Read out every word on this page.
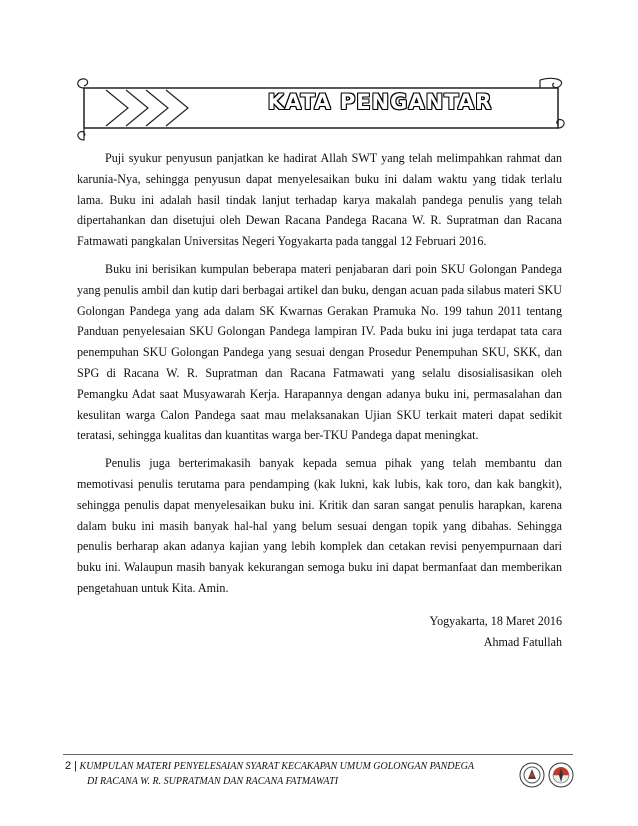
KATA PENGANTAR

Puji syukur penyusun panjatkan ke hadirat Allah SWT yang telah melimpahkan rahmat dan karunia-Nya, sehingga penyusun dapat menyelesaikan buku ini dalam waktu yang tidak terlalu lama. Buku ini adalah hasil tindak lanjut terhadap karya makalah pandega penulis yang telah dipertahankan dan disetujui oleh Dewan Racana Pandega Racana W. R. Supratman dan Racana Fatmawati pangkalan Universitas Negeri Yogyakarta pada tanggal 12 Februari 2016.

Buku ini berisikan kumpulan beberapa materi penjabaran dari poin SKU Golongan Pandega yang penulis ambil dan kutip dari berbagai artikel dan buku, dengan acuan pada silabus materi SKU Golongan Pandega yang ada dalam SK Kwarnas Gerakan Pramuka No. 199 tahun 2011 tentang Panduan penyelesaian SKU Golongan Pandega lampiran IV. Pada buku ini juga terdapat tata cara penempuhan SKU Golongan Pandega yang sesuai dengan Prosedur Penempuhan SKU, SKK, dan SPG di Racana W. R. Supratman dan Racana Fatmawati yang selalu disosialisasikan oleh Pemangku Adat saat Musyawarah Kerja. Harapannya dengan adanya buku ini, permasalahan dan kesulitan warga Calon Pandega saat mau melaksanakan Ujian SKU terkait materi dapat sedikit teratasi, sehingga kualitas dan kuantitas warga ber-TKU Pandega dapat meningkat.

Penulis juga berterimakasih banyak kepada semua pihak yang telah membantu dan memotivasi penulis terutama para pendamping (kak lukni, kak lubis, kak toro, dan kak bangkit), sehingga penulis dapat menyelesaikan buku ini. Kritik dan saran sangat penulis harapkan, karena dalam buku ini masih banyak hal-hal yang belum sesuai dengan topik yang dibahas. Sehingga penulis berharap akan adanya kajian yang lebih komplek dan cetakan revisi penyempurnaan dari buku ini. Walaupun masih banyak kekurangan semoga buku ini dapat bermanfaat dan memberikan pengetahuan untuk Kita. Amin.

Yogyakarta, 18 Maret 2016

Ahmad Fatullah

2 | KUMPULAN MATERI PENYELESAIAN SYARAT KECAKAPAN UMUM GOLONGAN PANDEGA
DI RACANA W. R. SUPRATMAN DAN RACANA FATMAWATI
